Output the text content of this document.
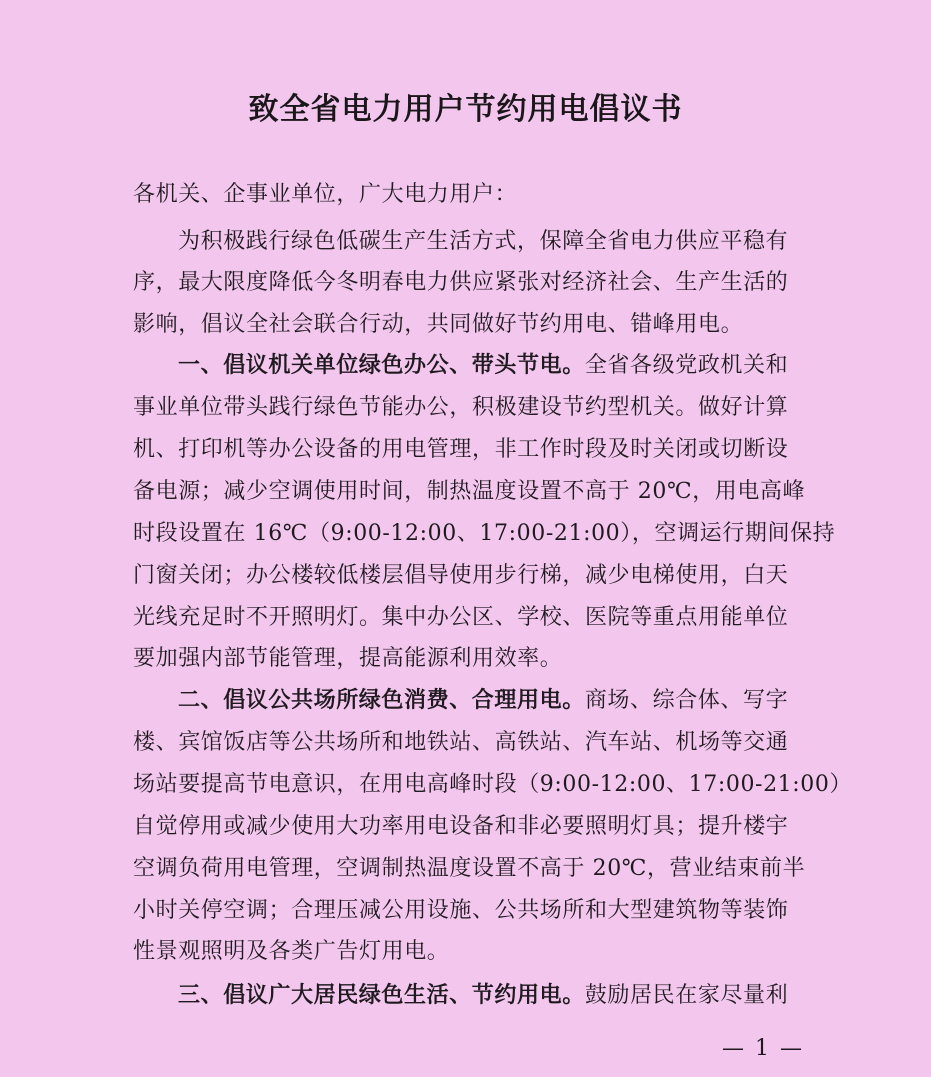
致全省电力用户节约用电倡议书
各机关、企事业单位，广大电力用户：
为积极践行绿色低碳生产生活方式，保障全省电力供应平稳有
序，最大限度降低今冬明春电力供应紧张对经济社会、生产生活的
影响，倡议全社会联合行动，共同做好节约用电、错峰用电。
一、倡议机关单位绿色办公、带头节电。全省各级党政机关和
事业单位带头践行绿色节能办公，积极建设节约型机关。做好计算
机、打印机等办公设备的用电管理，非工作时段及时关闭或切断设
备电源；减少空调使用时间，制热温度设置不高于 20℃，用电高峰
时段设置在 16℃（9:00-12:00、17:00-21:00），空调运行期间保持
门窗关闭；办公楼较低楼层倡导使用步行梯，减少电梯使用，白天
光线充足时不开照明灯。集中办公区、学校、医院等重点用能单位
要加强内部节能管理，提高能源利用效率。
二、倡议公共场所绿色消费、合理用电。商场、综合体、写字
楼、宾馆饭店等公共场所和地铁站、高铁站、汽车站、机场等交通
场站要提高节电意识，在用电高峰时段（9:00-12:00、17:00-21:00）
自觉停用或减少使用大功率用电设备和非必要照明灯具；提升楼宇
空调负荷用电管理，空调制热温度设置不高于 20℃，营业结束前半
小时关停空调；合理压减公用设施、公共场所和大型建筑物等装饰
性景观照明及各类广告灯用电。
三、倡议广大居民绿色生活、节约用电。鼓励居民在家尽量利
— 1 —
